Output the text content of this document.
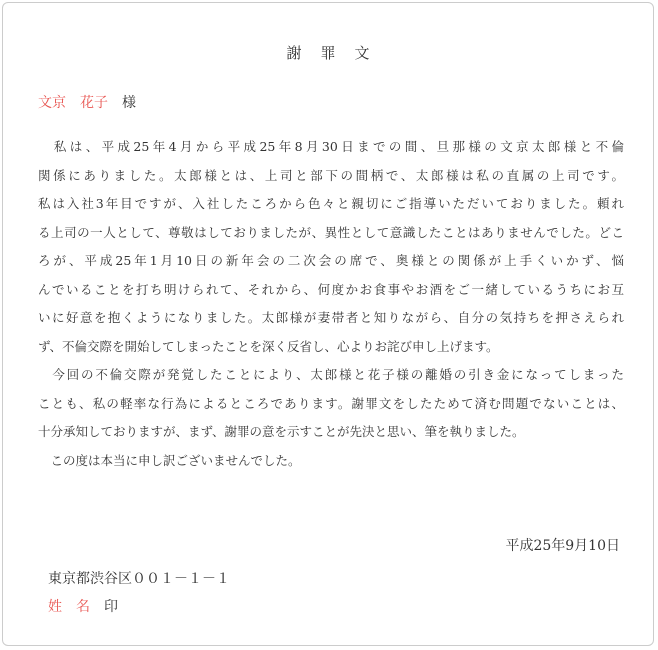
謝　罪　文
文京　花子　 様
　私は、平成25年4月から平成25年8月30日までの間、旦那様の文京太郎様と不倫
関係にありました。太郎様とは、上司と部下の間柄で、太郎様は私の直属の上司です。
私は入社3年目ですが、入社したころから色々と親切にご指導いただいておりました。頼れ
る上司の一人として、尊敬はしておりましたが、異性として意識したことはありませんでした。どこ
ろが、平成25年1月10日の新年会の二次会の席で、奥様との関係が上手くいかず、悩
んでいることを打ち明けられて、それから、何度かお食事やお酒をご一緒しているうちにお互
いに好意を抱くようになりました。太郎様が妻帯者と知りながら、自分の気持ちを押さえられ
ず、不倫交際を開始してしまったことを深く反省し、心よりお詫び申し上げます。
　今回の不倫交際が発覚したことにより、太郎様と花子様の離婚の引き金になってしまった
ことも、私の軽率な行為によるところであります。謝罪文をしたためて済む問題でないことは、
十分承知しておりますが、まず、謝罪の意を示すことが先決と思い、筆を執りました。
　この度は本当に申し訳ございませんでした。
平成25年9月10日
東京都渋谷区００１－１－１
姓　名　 印
